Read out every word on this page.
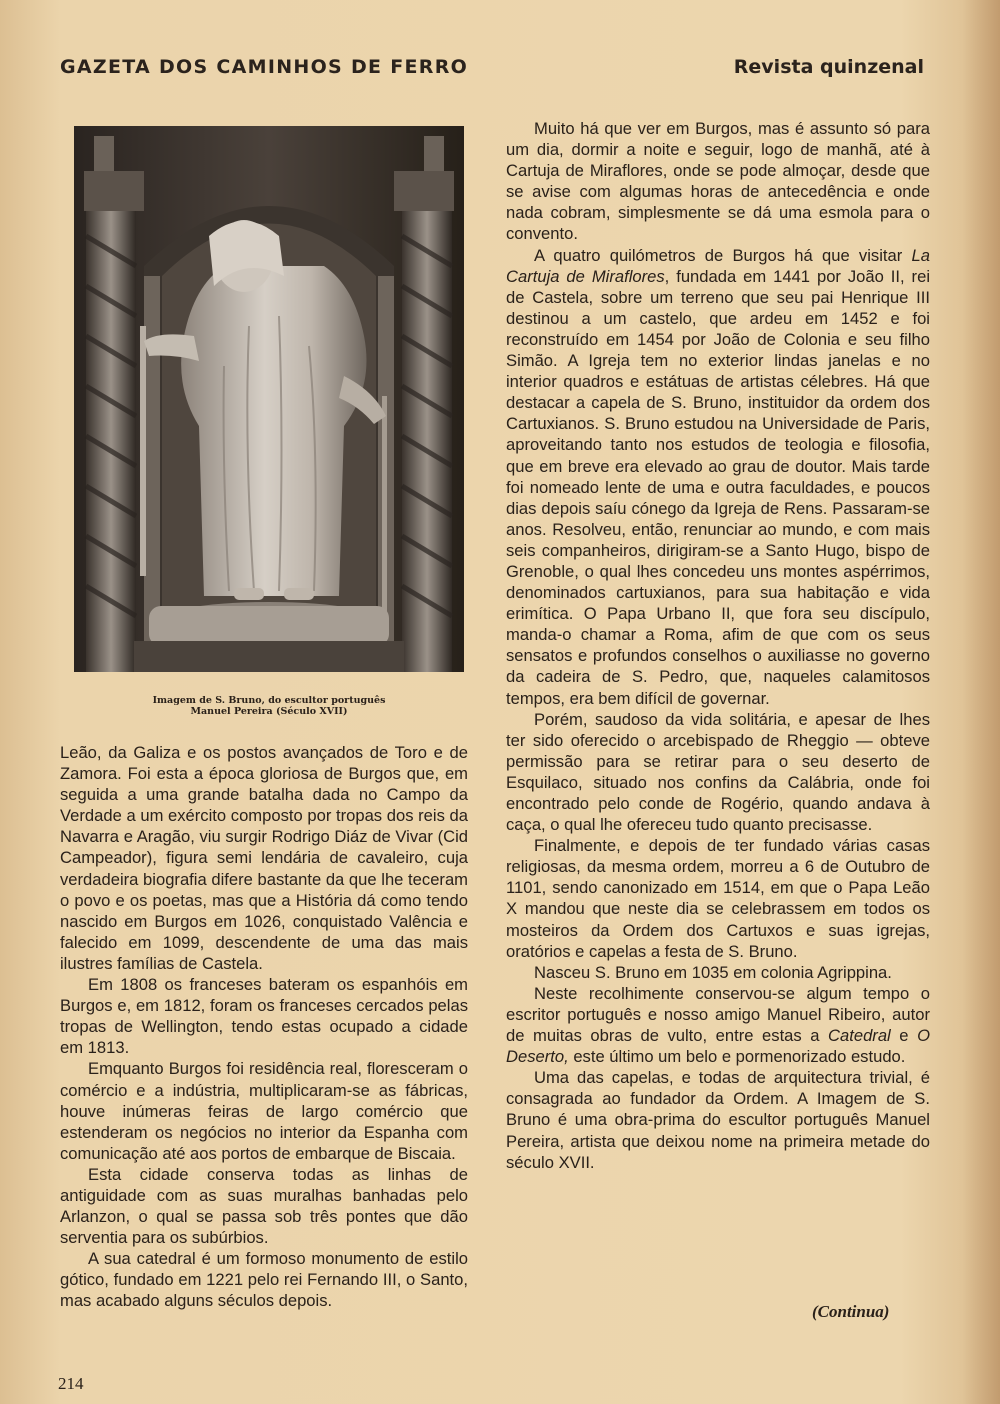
GAZETA DOS CAMINHOS DE FERRO	Revista quinzenal
Imagem de S. Bruno, do escultor português
Manuel Pereira (Século XVII)

Leão, da Galiza e os postos avançados de Toro e de Zamora. Foi esta a época gloriosa de Burgos que, em seguida a uma grande batalha dada no Campo da Verdade a um exército composto por tropas dos reis da Navarra e Aragão, viu surgir Rodrigo Diáz de Vivar (Cid Campeador), figura semi lendária de cavaleiro, cuja verdadeira biografia difere bastante da que lhe teceram o povo e os poetas, mas que a História dá como tendo nascido em Burgos em 1026, conquistado Valência e falecido em 1099, descendente de uma das mais ilustres famílias de Castela.

Em 1808 os franceses bateram os espanhóis em Burgos e, em 1812, foram os franceses cercados pelas tropas de Wellington, tendo estas ocupado a cidade em 1813.

Emquanto Burgos foi residência real, floresceram o comércio e a indústria, multiplicaram-se as fábricas, houve inúmeras feiras de largo comércio que estenderam os negócios no interior da Espanha com comunicação até aos portos de embarque de Biscaia.

Esta cidade conserva todas as linhas de antiguidade com as suas muralhas banhadas pelo Arlanzon, o qual se passa sob três pontes que dão serventia para os subúrbios.

A sua catedral é um formoso monumento de estilo gótico, fundado em 1221 pelo rei Fernando III, o Santo, mas acabado alguns séculos depois.

Muito há que ver em Burgos, mas é assunto só para um dia, dormir a noite e seguir, logo de manhã, até à Cartuja de Miraflores, onde se pode almoçar, desde que se avise com algumas horas de antecedência e onde nada cobram, simplesmente se dá uma esmola para o convento.

A quatro quilómetros de Burgos há que visitar La Cartuja de Miraflores, fundada em 1441 por João II, rei de Castela, sobre um terreno que seu pai Henrique III destinou a um castelo, que ardeu em 1452 e foi reconstruído em 1454 por João de Colonia e seu filho Simão. A Igreja tem no exterior lindas janelas e no interior quadros e estátuas de artistas célebres. Há que destacar a capela de S. Bruno, instituidor da ordem dos Cartuxianos. S. Bruno estudou na Universidade de Paris, aproveitando tanto nos estudos de teologia e filosofia, que em breve era elevado ao grau de doutor. Mais tarde foi nomeado lente de uma e outra faculdades, e poucos dias depois saíu cónego da Igreja de Rens. Passaram-se anos. Resolveu, então, renunciar ao mundo, e com mais seis companheiros, dirigiram-se a Santo Hugo, bispo de Grenoble, o qual lhes concedeu uns montes aspérrimos, denominados cartuxianos, para sua habitação e vida erimítica. O Papa Urbano II, que fora seu discípulo, manda-o chamar a Roma, afim de que com os seus sensatos e profundos conselhos o auxiliasse no governo da cadeira de S. Pedro, que, naqueles calamitosos tempos, era bem difícil de governar.

Porém, saudoso da vida solitária, e apesar de lhes ter sido oferecido o arcebispado de Rheggio — obteve permissão para se retirar para o seu deserto de Esquilaco, situado nos confins da Calábria, onde foi encontrado pelo conde de Rogério, quando andava à caça, o qual lhe ofereceu tudo quanto precisasse.

Finalmente, e depois de ter fundado várias casas religiosas, da mesma ordem, morreu a 6 de Outubro de 1101, sendo canonizado em 1514, em que o Papa Leão X mandou que neste dia se celebrassem em todos os mosteiros da Ordem dos Cartuxos e suas igrejas, oratórios e capelas a festa de S. Bruno.

Nasceu S. Bruno em 1035 em colonia Agrippina.

Neste recolhimente conservou-se algum tempo o escritor português e nosso amigo Manuel Ribeiro, autor de muitas obras de vulto, entre estas a Catedral e O Deserto, este último um belo e pormenorizado estudo.

Uma das capelas, e todas de arquitectura trivial, é consagrada ao fundador da Ordem. A Imagem de S. Bruno é uma obra-prima do escultor português Manuel Pereira, artista que deixou nome na primeira metade do século XVII.

(Continua)
214
